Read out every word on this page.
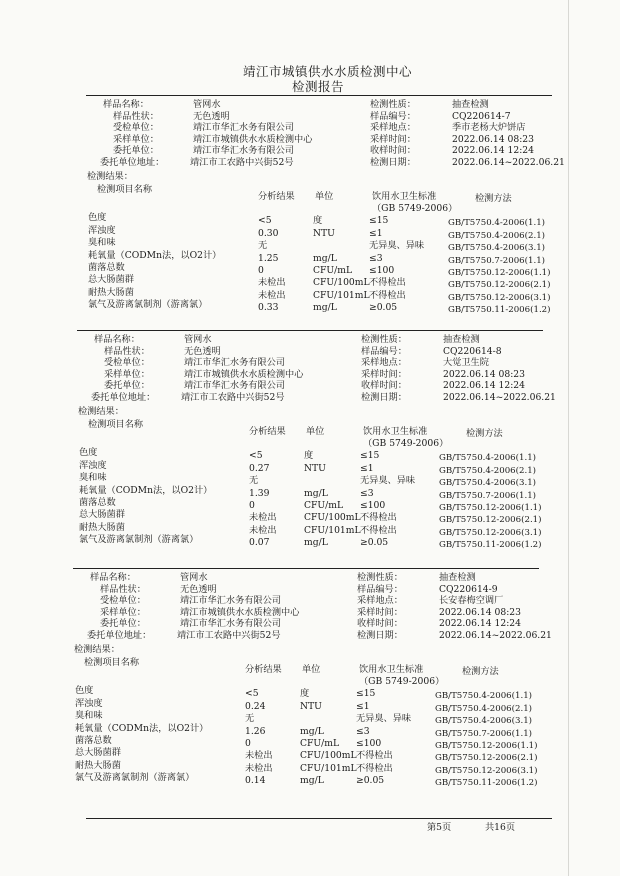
靖江市城镇供水水质检测中心
检测报告
样品名称：	管网水
样品性状：	无色透明
受检单位：	靖江市华汇水务有限公司
采样单位：	靖江市城镇供水水质检测中心
委托单位：	靖江市华汇水务有限公司
委托单位地址：	靖江市工农路中兴街52号
检测性质：	抽查检测
样品编号：	CQ220614-7
采样地点：	季市老杨大炉饼店
采样时间：	2022.06.14 08:23
收样时间：	2022.06.14 12:24
检测日期：	2022.06.14~2022.06.21
检测结果：
检测项目名称
分析结果 单位	饮用水卫生标准
（GB 5749-2006）
检测方法
色度	<5	度	≤15	GB/T5750.4-2006(1.1)
浑浊度	0.30	NTU	≤1	GB/T5750.4-2006(2.1)
臭和味	无	无异臭、异味	GB/T5750.4-2006(3.1)
耗氧量（CODMn法，以O2计）	1.25	mg/L	≤3	GB/T5750.7-2006(1.1)
菌落总数	0	CFU/mL ≤100	GB/T5750.12-2006(1.1)
总大肠菌群	未检出	CFU/100mL 不得检出	GB/T5750.12-2006(2.1)
耐热大肠菌	未检出	CFU/101mL 不得检出	GB/T5750.12-2006(3.1)
氯气及游离氯制剂（游离氯）	0.33	mg/L	≥0.05	GB/T5750.11-2006(1.2)
样品名称：	管网水
样品性状：	无色透明
受检单位：	靖江市华汇水务有限公司
采样单位：	靖江市城镇供水水质检测中心
委托单位：	靖江市华汇水务有限公司
委托单位地址：	靖江市工农路中兴街52号
检测性质：	抽查检测
样品编号：	CQ220614-8
采样地点：	大觉卫生院
采样时间：	2022.06.14 08:23
收样时间：	2022.06.14 12:24
检测日期：	2022.06.14~2022.06.21
检测结果：
检测项目名称
分析结果 单位	饮用水卫生标准
（GB 5749-2006）
检测方法
色度	<5	度	≤15	GB/T5750.4-2006(1.1)
浑浊度	0.27	NTU	≤1	GB/T5750.4-2006(2.1)
臭和味	无	无异臭、异味	GB/T5750.4-2006(3.1)
耗氧量（CODMn法，以O2计）	1.39	mg/L	≤3	GB/T5750.7-2006(1.1)
菌落总数	0	CFU/mL ≤100	GB/T5750.12-2006(1.1)
总大肠菌群	未检出	CFU/100mL 不得检出	GB/T5750.12-2006(2.1)
耐热大肠菌	未检出	CFU/101mL 不得检出	GB/T5750.12-2006(3.1)
氯气及游离氯制剂（游离氯）	0.07	mg/L	≥0.05	GB/T5750.11-2006(1.2)
样品名称：	管网水
样品性状：	无色透明
受检单位：	靖江市华汇水务有限公司
采样单位：	靖江市城镇供水水质检测中心
委托单位：	靖江市华汇水务有限公司
委托单位地址：	靖江市工农路中兴街52号
检测性质：	抽查检测
样品编号：	CQ220614-9
采样地点：	长安春梅空调厂
采样时间：	2022.06.14 08:23
收样时间：	2022.06.14 12:24
检测日期：	2022.06.14~2022.06.21
检测结果：
检测项目名称
分析结果 单位	饮用水卫生标准
（GB 5749-2006）
检测方法
色度	<5	度	≤15	GB/T5750.4-2006(1.1)
浑浊度	0.24	NTU	≤1	GB/T5750.4-2006(2.1)
臭和味	无	无异臭、异味	GB/T5750.4-2006(3.1)
耗氧量（CODMn法，以O2计）	1.26	mg/L	≤3	GB/T5750.7-2006(1.1)
菌落总数	0	CFU/mL ≤100	GB/T5750.12-2006(1.1)
总大肠菌群	未检出	CFU/100mL 不得检出	GB/T5750.12-2006(2.1)
耐热大肠菌	未检出	CFU/101mL 不得检出	GB/T5750.12-2006(3.1)
氯气及游离氯制剂（游离氯）	0.14	mg/L	≥0.05	GB/T5750.11-2006(1.2)
第5页	共16页
